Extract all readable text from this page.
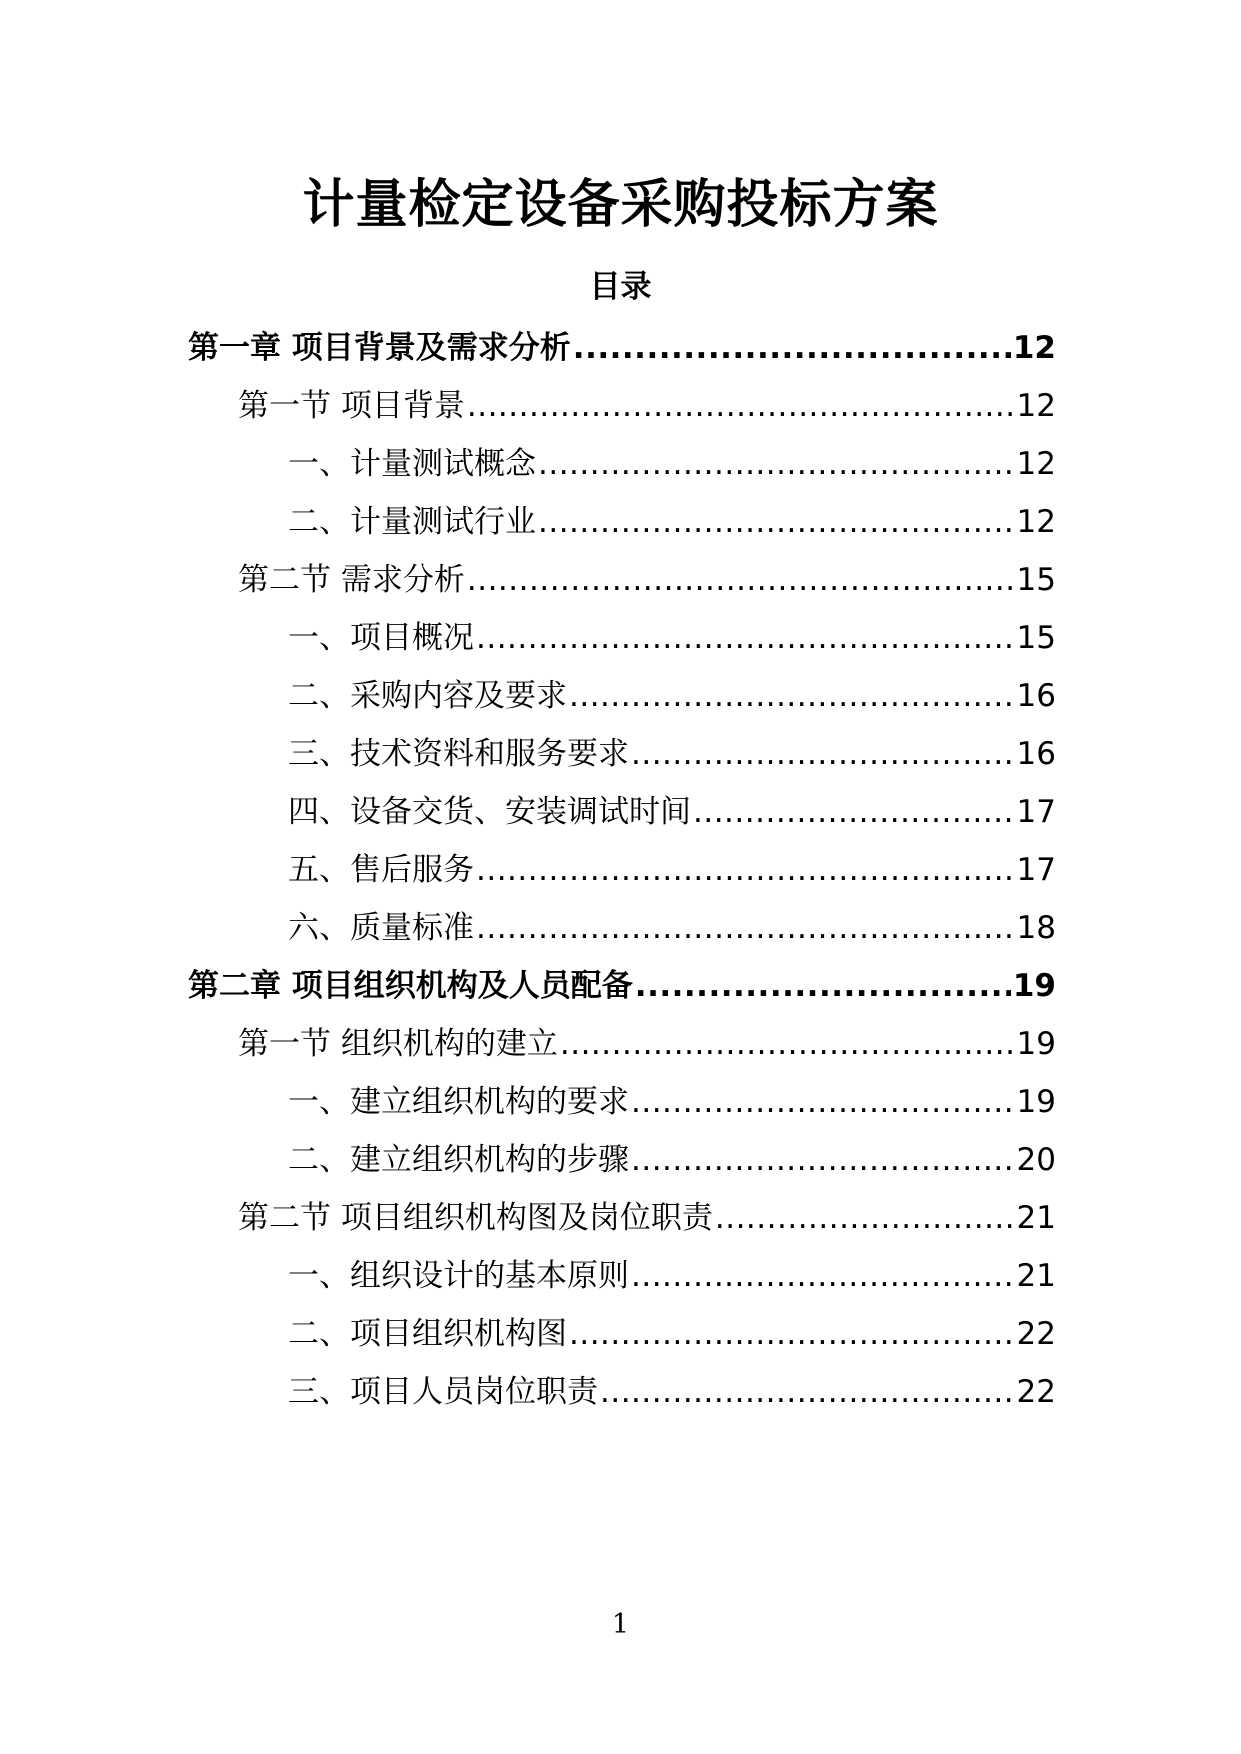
计量检定设备采购投标方案
目录
第一章 项目背景及需求分析 .....	12
第一节 项目背景 .....	12
一、计量测试概念 .....	12
二、计量测试行业 .....	12
第二节 需求分析 .....	15
一、项目概况 .....	15
二、采购内容及要求 .....	16
三、技术资料和服务要求 .....	16
四、设备交货、安装调试时间 .....	17
五、售后服务 .....	17
六、质量标准 .....	18
第二章 项目组织机构及人员配备 .....	19
第一节 组织机构的建立 .....	19
一、建立组织机构的要求 .....	19
二、建立组织机构的步骤 .....	20
第二节 项目组织机构图及岗位职责 .....	21
一、组织设计的基本原则 .....	21
二、项目组织机构图 .....	22
三、项目人员岗位职责 .....	22
1
